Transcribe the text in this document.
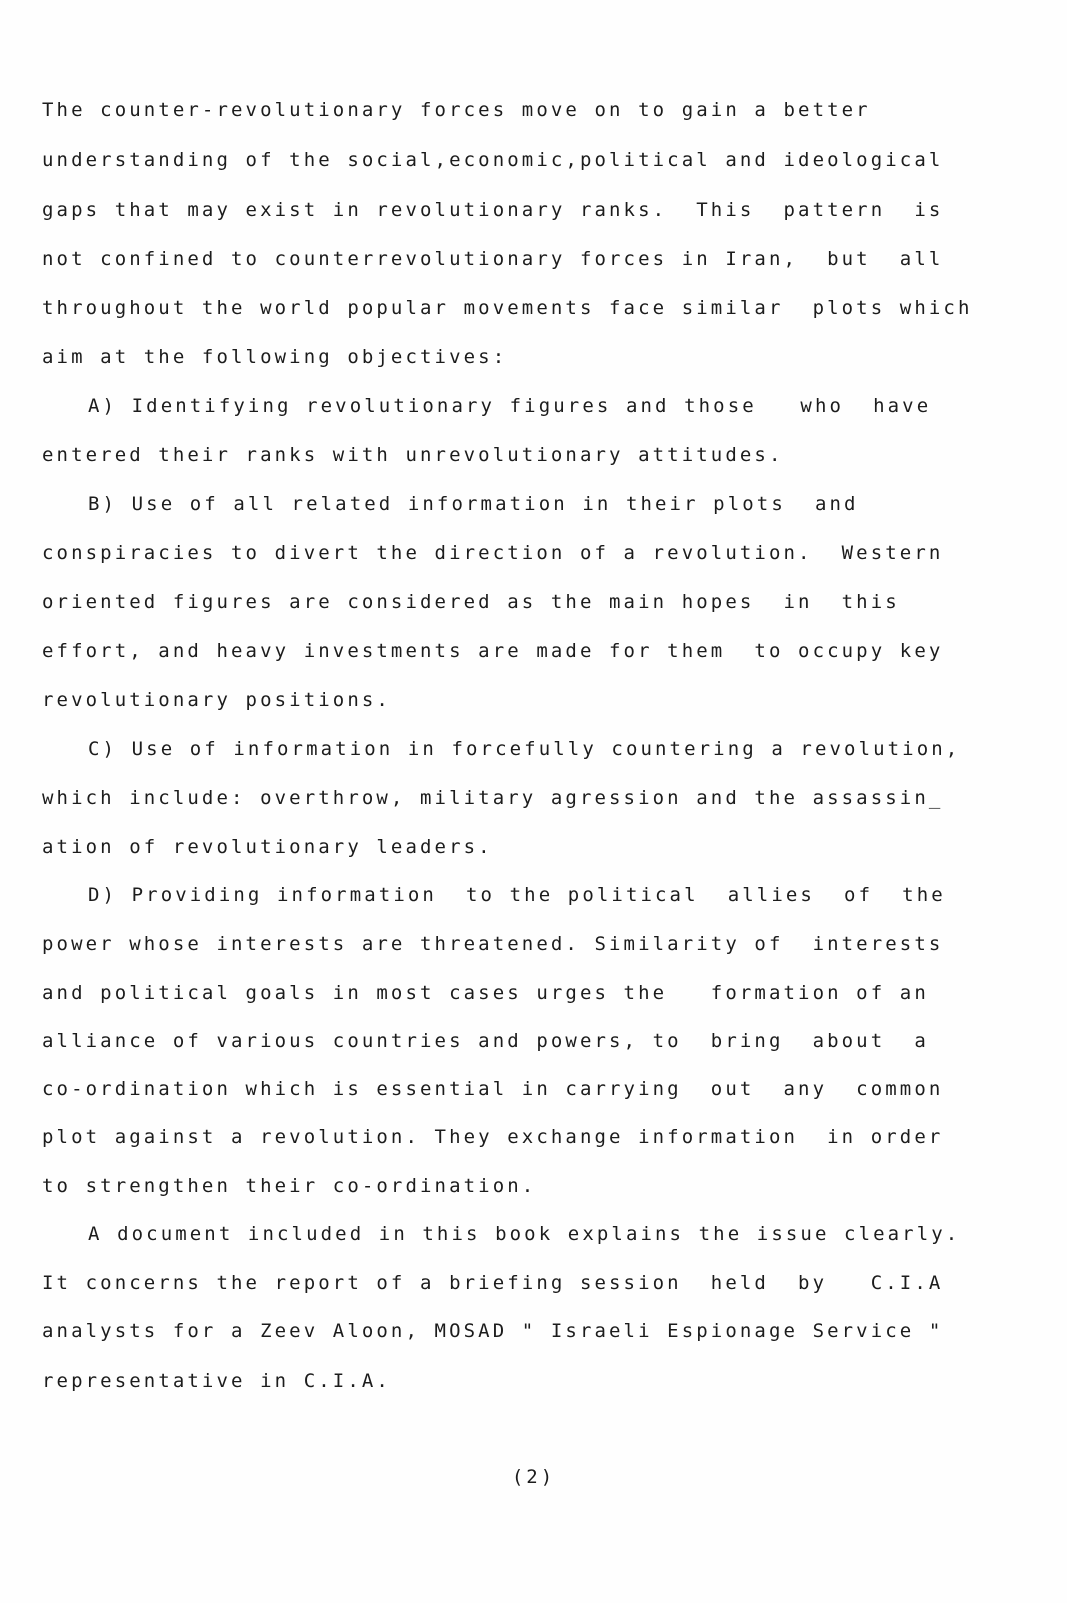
The counter-revolutionary forces move on to gain a better
understanding of the social,economic,political and ideological
gaps that may exist in revolutionary ranks.  This  pattern  is
not confined to counterrevolutionary forces in Iran,  but  all
throughout the world popular movements face similar  plots which
aim at the following objectives:
A) Identifying revolutionary figures and those   who  have
entered their ranks with unrevolutionary attitudes.
B) Use of all related information in their plots  and
conspiracies to divert the direction of a revolution.  Western
oriented figures are considered as the main hopes  in  this
effort, and heavy investments are made for them  to occupy key
revolutionary positions.
C) Use of information in forcefully countering a revolution,
which include: overthrow, military agression and the assassin_
ation of revolutionary leaders.
D) Providing information  to the political  allies  of  the
power whose interests are threatened. Similarity of  interests
and political goals in most cases urges the   formation of an
alliance of various countries and powers, to  bring  about  a
co-ordination which is essential in carrying  out  any  common
plot against a revolution. They exchange information  in order
to strengthen their co-ordination.
A document included in this book explains the issue clearly.
It concerns the report of a briefing session  held  by   C.I.A
analysts for a Zeev Aloon, MOSAD " Israeli Espionage Service "
representative in C.I.A.
(2)
